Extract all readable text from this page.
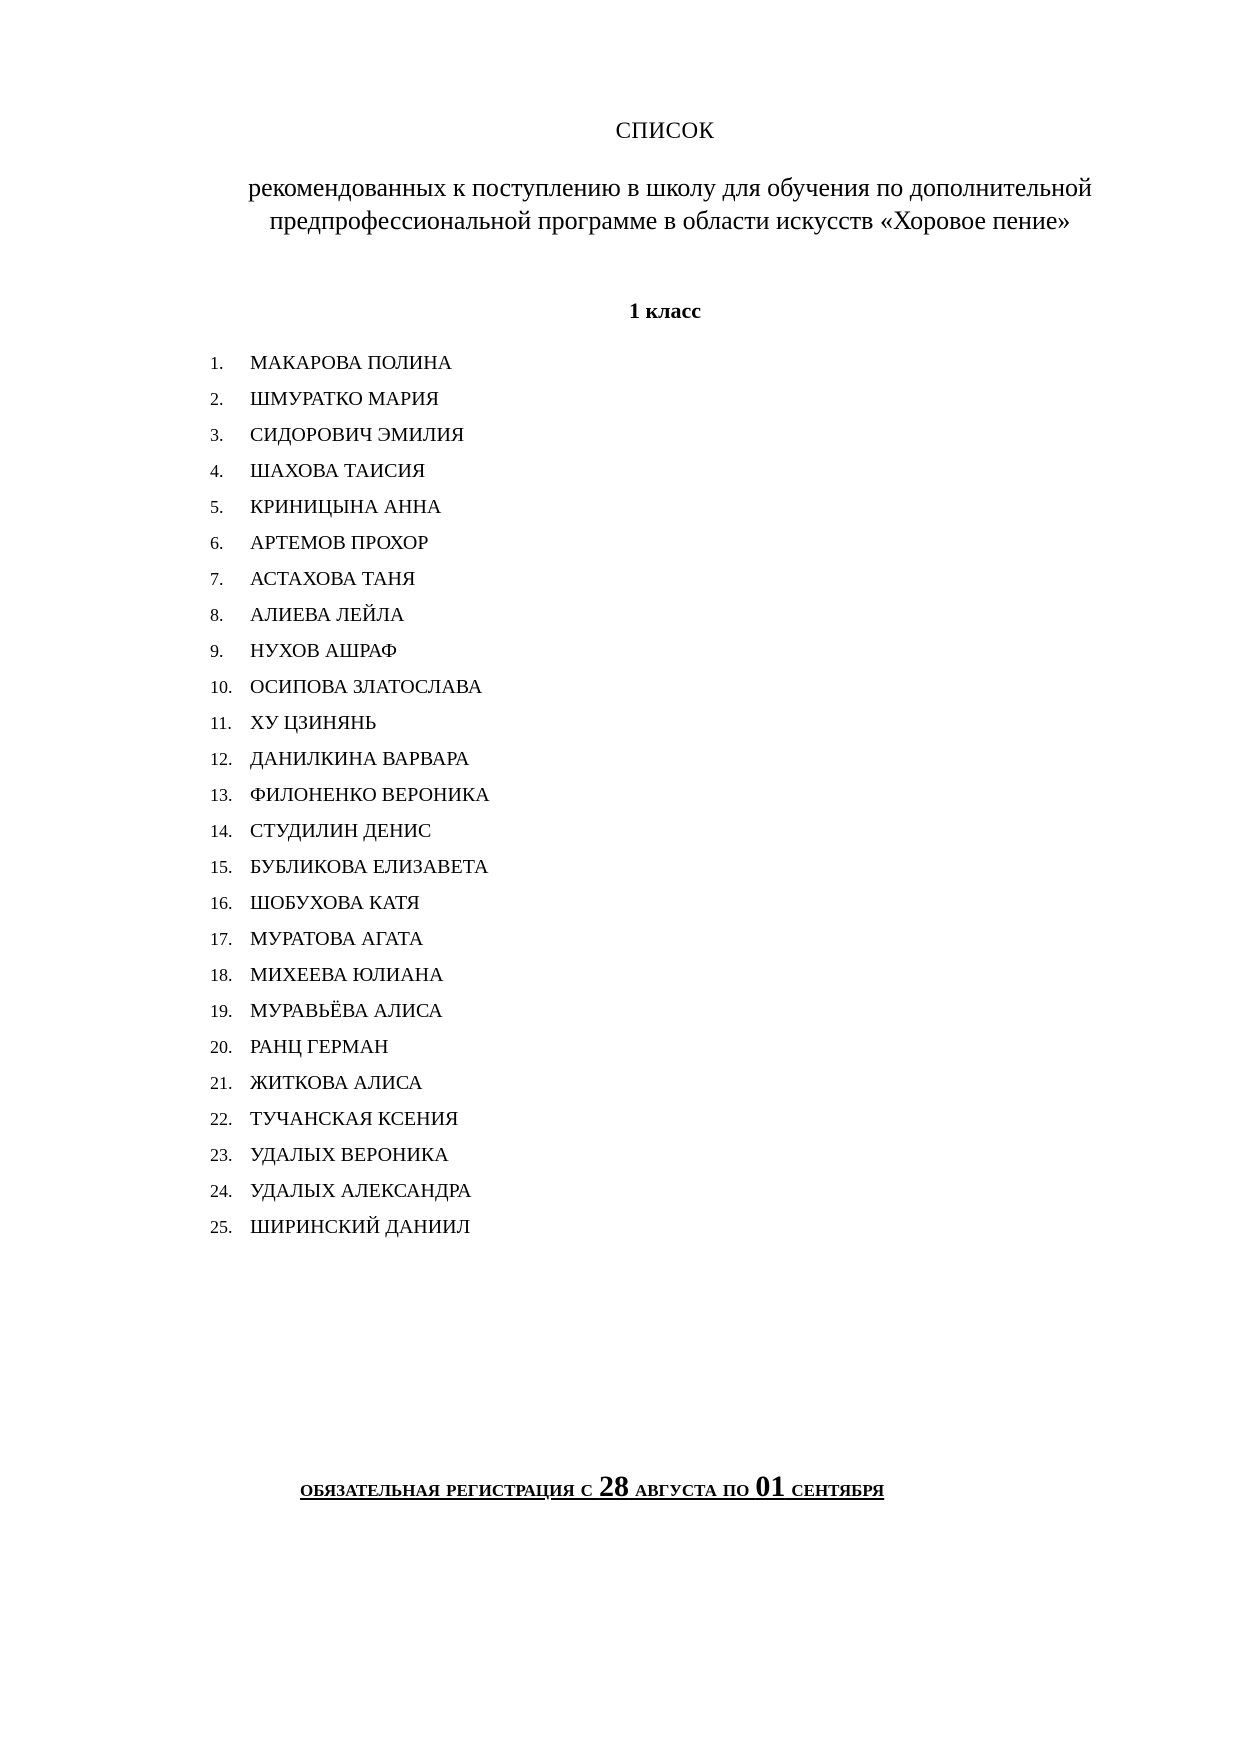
СПИСОК
рекомендованных к поступлению в школу для обучения по дополнительной
предпрофессиональной программе в области искусств «Хоровое пение»
1 класс
1. МАКАРОВА ПОЛИНА
2. ШМУРАТКО МАРИЯ
3. СИДОРОВИЧ ЭМИЛИЯ
4. ШАХОВА ТАИСИЯ
5. КРИНИЦЫНА АННА
6. АРТЕМОВ ПРОХОР
7. АСТАХОВА ТАНЯ
8. АЛИЕВА ЛЕЙЛА
9. НУХОВ АШРАФ
10. ОСИПОВА ЗЛАТОСЛАВА
11. ХУ ЦЗИНЯНЬ
12. ДАНИЛКИНА ВАРВАРА
13. ФИЛОНЕНКО ВЕРОНИКА
14. СТУДИЛИН ДЕНИС
15. БУБЛИКОВА ЕЛИЗАВЕТА
16. ШОБУХОВА КАТЯ
17. МУРАТОВА АГАТА
18. МИХЕЕВА ЮЛИАНА
19. МУРАВЬЁВА АЛИСА
20. РАНЦ ГЕРМАН
21. ЖИТКОВА АЛИСА
22. ТУЧАНСКАЯ КСЕНИЯ
23. УДАЛЫХ ВЕРОНИКА
24. УДАЛЫХ АЛЕКСАНДРА
25. ШИРИНСКИЙ ДАНИИЛ
обязательная регистрация с 28 августа по 01 сентября
